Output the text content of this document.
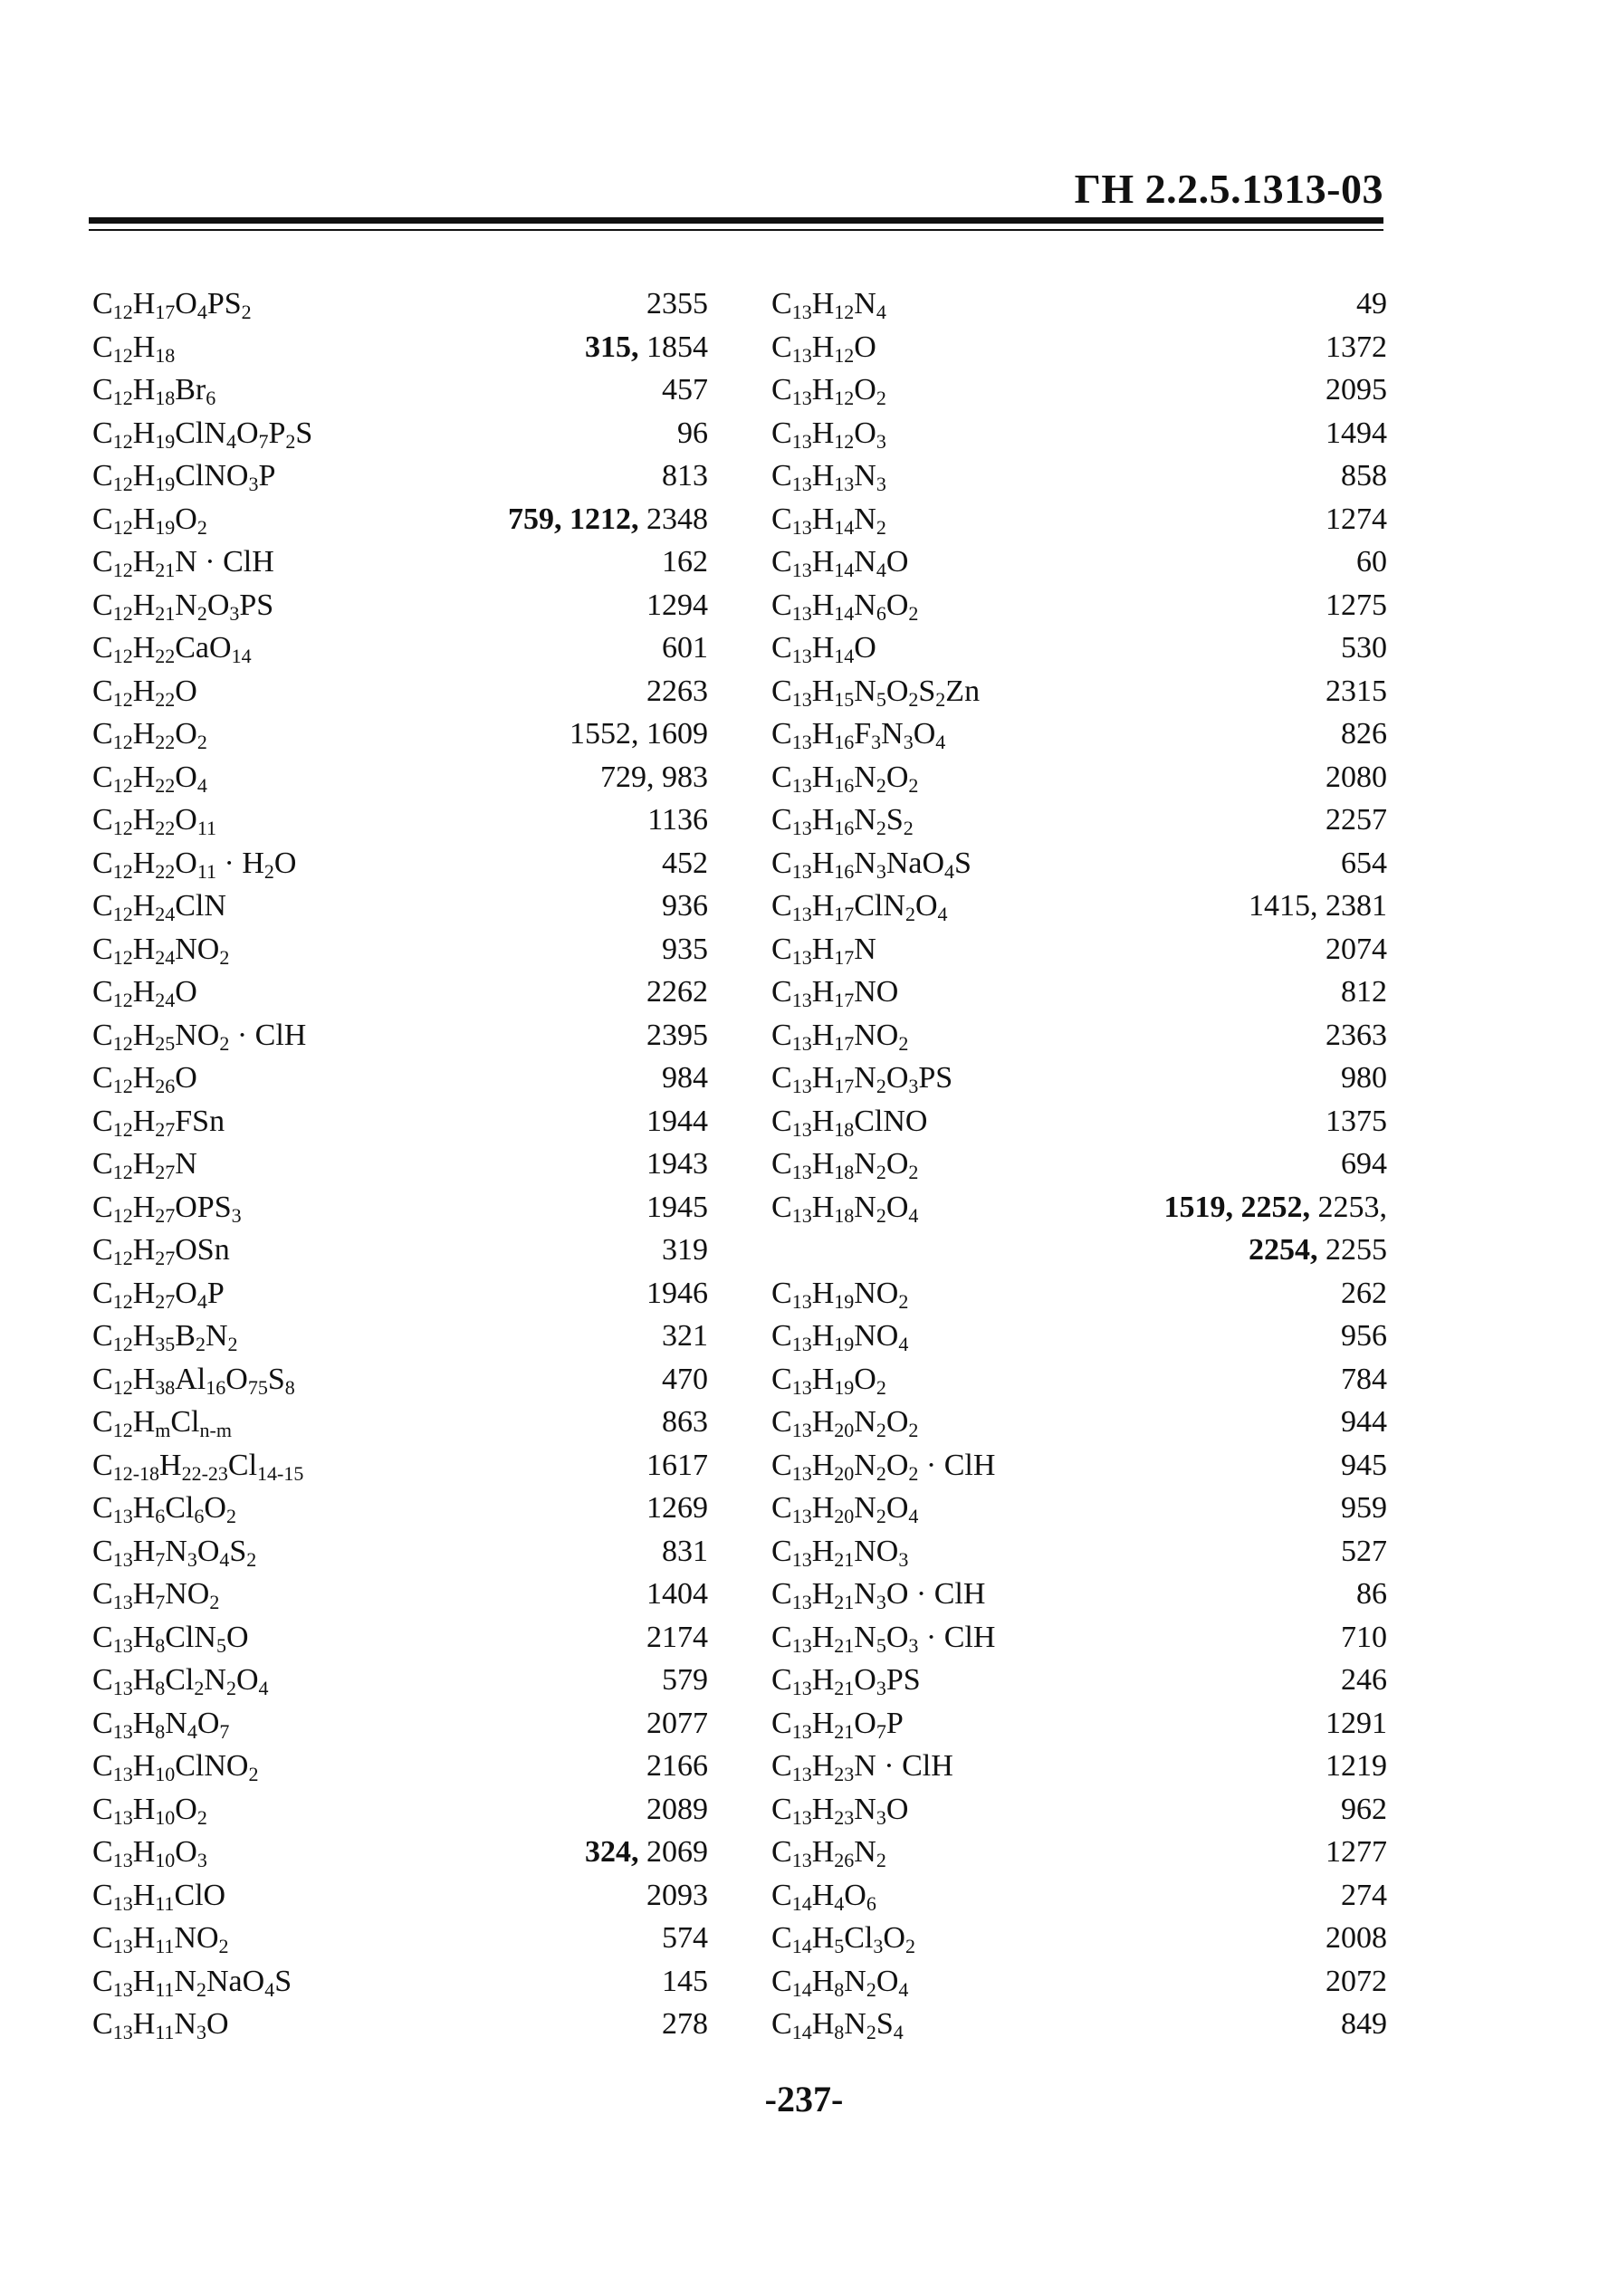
ГН 2.2.5.1313-03
$C_{12}H_{17}O_4PS_2$	2355
$C_{12}H_{18}$	315, 1854
$C_{12}H_{18}Br_6$	457
$C_{12}H_{19}ClN_4O_7P_2S$	96
$C_{12}H_{19}ClNO_3P$	813
$C_{12}H_{19}O_2$	759, 1212, 2348
$C_{12}H_{21}N$ · ClH	162
$C_{12}H_{21}N_2O_3PS$	1294
$C_{12}H_{22}CaO_{14}$	601
$C_{12}H_{22}O$	2263
$C_{12}H_{22}O_2$	1552, 1609
$C_{12}H_{22}O_4$	729, 983
$C_{12}H_{22}O_{11}$	1136
$C_{12}H_{22}O_{11} \cdot H_2O$	452
$C_{12}H_{24}ClN$	936
$C_{12}H_{24}NO_2$	935
$C_{12}H_{24}O$	2262
$C_{12}H_{25}NO_2$ · ClH	2395
$C_{12}H_{26}O$	984
$C_{12}H_{27}FSn$	1944
$C_{12}H_{27}N$	1943
$C_{12}H_{27}OPS_3$	1945
$C_{12}H_{27}OSn$	319
$C_{12}H_{27}O_4P$	1946
$C_{12}H_{35}B_2N_2$	321
$C_{12}H_{38}Al_{16}O_{75}S_8$	470
$C_{12}H_mCl_{n-m}$	863
$C_{12-18}H_{22-23}Cl_{14-15}$	1617
$C_{13}H_6Cl_6O_2$	1269
$C_{13}H_7N_3O_4S_2$	831
$C_{13}H_7NO_2$	1404
$C_{13}H_8ClN_5O$	2174
$C_{13}H_8Cl_2N_2O_4$	579
$C_{13}H_8N_4O_7$	2077
$C_{13}H_{10}ClNO_2$	2166
$C_{13}H_{10}O_2$	2089
$C_{13}H_{10}O_3$	324, 2069
$C_{13}H_{11}ClO$	2093
$C_{13}H_{11}NO_2$	574
$C_{13}H_{11}N_2NaO_4S$	145
$C_{13}H_{11}N_3O$	278
$C_{13}H_{12}N_4$	49
$C_{13}H_{12}O$	1372
$C_{13}H_{12}O_2$	2095
$C_{13}H_{12}O_3$	1494
$C_{13}H_{13}N_3$	858
$C_{13}H_{14}N_2$	1274
$C_{13}H_{14}N_4O$	60
$C_{13}H_{14}N_6O_2$	1275
$C_{13}H_{14}O$	530
$C_{13}H_{15}N_5O_2S_2Zn$	2315
$C_{13}H_{16}F_3N_3O_4$	826
$C_{13}H_{16}N_2O_2$	2080
$C_{13}H_{16}N_2S_2$	2257
$C_{13}H_{16}N_3NaO_4S$	654
$C_{13}H_{17}ClN_2O_4$	1415, 2381
$C_{13}H_{17}N$	2074
$C_{13}H_{17}NO$	812
$C_{13}H_{17}NO_2$	2363
$C_{13}H_{17}N_2O_3PS$	980
$C_{13}H_{18}ClNO$	1375
$C_{13}H_{18}N_2O_2$	694
$C_{13}H_{18}N_2O_4$	1519, 2252, 2253,
2254, 2255
$C_{13}H_{19}NO_2$	262
$C_{13}H_{19}NO_4$	956
$C_{13}H_{19}O_2$	784
$C_{13}H_{20}N_2O_2$	944
$C_{13}H_{20}N_2O_2$ · ClH	945
$C_{13}H_{20}N_2O_4$	959
$C_{13}H_{21}NO_3$	527
$C_{13}H_{21}N_3O$ · ClH	86
$C_{13}H_{21}N_5O_3$ · ClH	710
$C_{13}H_{21}O_3PS$	246
$C_{13}H_{21}O_7P$	1291
$C_{13}H_{23}N$ · ClH	1219
$C_{13}H_{23}N_3O$	962
$C_{13}H_{26}N_2$	1277
$C_{14}H_4O_6$	274
$C_{14}H_5Cl_3O_2$	2008
$C_{14}H_8N_2O_4$	2072
$C_{14}H_8N_2S_4$	849
-237-
